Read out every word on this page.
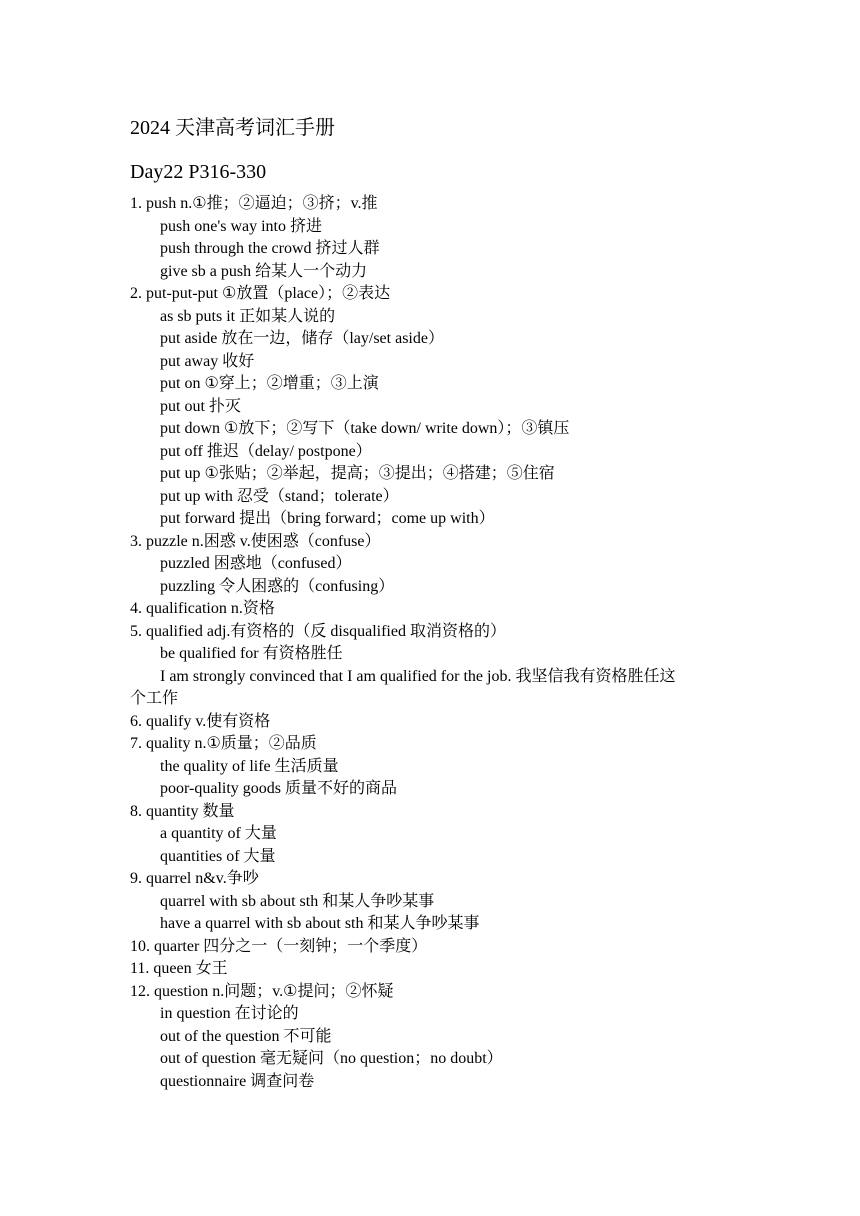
2024 天津高考词汇手册
Day22 P316-330
1. push n.①推；②逼迫；③挤；v.推
push one's way into 挤进
push through the crowd 挤过人群
give sb a push 给某人一个动力
2. put-put-put ①放置（place）；②表达
as sb puts it 正如某人说的
put aside 放在一边，储存（lay/set aside）
put away 收好
put on ①穿上；②增重；③上演
put out 扑灭
put down ①放下；②写下（take down/ write down）；③镇压
put off 推迟（delay/ postpone）
put up ①张贴；②举起，提高；③提出；④搭建；⑤住宿
put up with 忍受（stand；tolerate）
put forward 提出（bring forward；come up with）
3. puzzle n.困惑 v.使困惑（confuse）
puzzled 困惑地（confused）
puzzling 令人困惑的（confusing）
4. qualification n.资格
5. qualified adj.有资格的（反 disqualified 取消资格的）
be qualified for 有资格胜任
I am strongly convinced that I am qualified for the job. 我坚信我有资格胜任这
个工作
6. qualify v.使有资格
7. quality n.①质量；②品质
the quality of life 生活质量
poor-quality goods 质量不好的商品
8. quantity 数量
a quantity of 大量
quantities of 大量
9. quarrel n&v.争吵
quarrel with sb about sth 和某人争吵某事
have a quarrel with sb about sth 和某人争吵某事
10. quarter 四分之一（一刻钟；一个季度）
11. queen 女王
12. question n.问题；v.①提问；②怀疑
in question 在讨论的
out of the question 不可能
out of question 毫无疑问（no question；no doubt）
questionnaire 调查问卷
